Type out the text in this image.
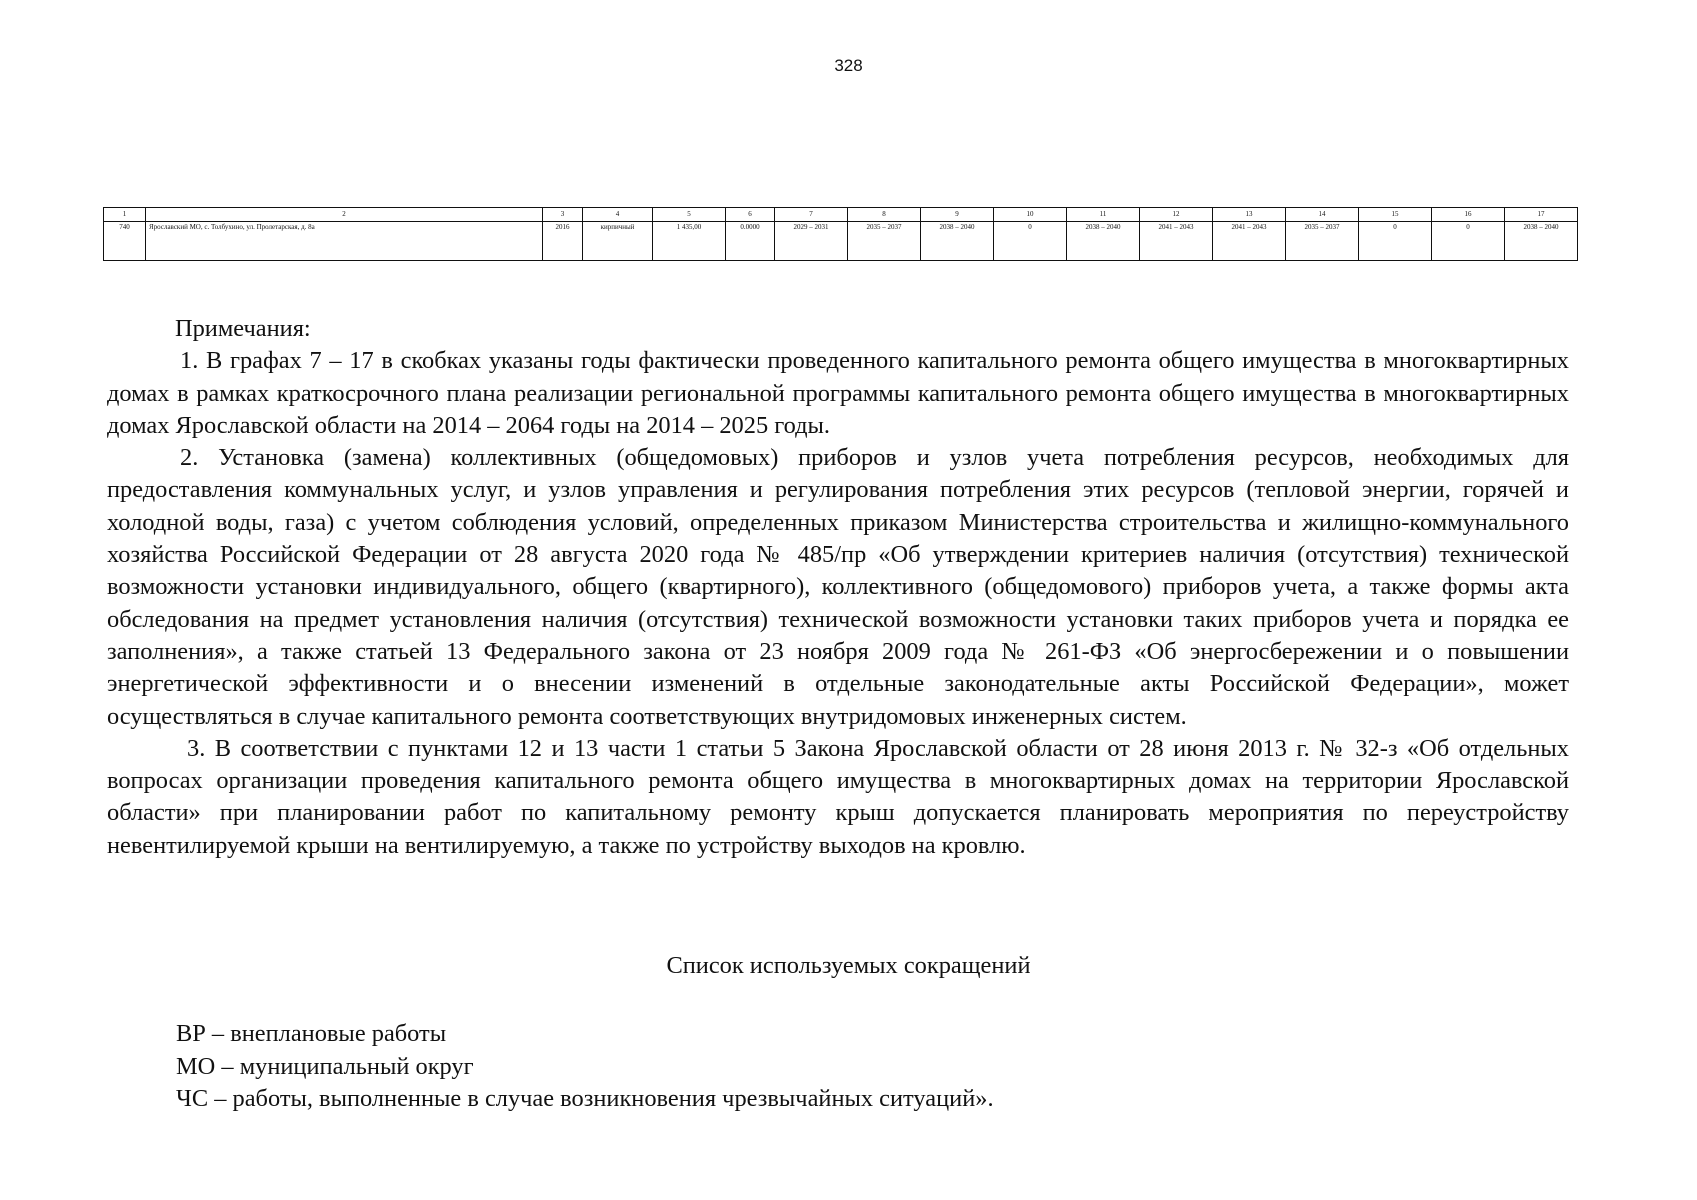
328
1	2	3	4	5	6	7	8	9	10	11	12	13	14	15	16	17
740	Ярославский МО, с. Толбухино, ул. Пролетарская, д. 8а	2016	кирпичный	1 435,00	0.0000	2029 – 2031	2035 – 2037	2038 – 2040	0	2038 – 2040	2041 – 2043	2041 – 2043	2035 – 2037	0	0	2038 – 2040

Примечания:

1. В графах 7 – 17 в скобках указаны годы фактически проведенного капитального ремонта общего имущества в многоквартирных домах в рамках краткосрочного плана реализации региональной программы капитального ремонта общего имущества в многоквартирных домах Ярославской области на 2014 – 2064 годы на 2014 – 2025 годы.

2. Установка (замена) коллективных (общедомовых) приборов и узлов учета потребления ресурсов, необходимых для предоставления коммунальных услуг, и узлов управления и регулирования потребления этих ресурсов (тепловой энергии, горячей и холодной воды, газа) с учетом соблюдения условий, определенных приказом Министерства строительства и жилищно-коммунального хозяйства Российской Федерации от 28 августа 2020 года № 485/пр «Об утверждении критериев наличия (отсутствия) технической возможности установки индивидуального, общего (квартирного), коллективного (общедомового) приборов учета, а также формы акта обследования на предмет установления наличия (отсутствия) технической возможности установки таких приборов учета и порядка ее заполнения», а также статьей 13 Федерального закона от 23 ноября 2009 года № 261-ФЗ «Об энергосбережении и о повышении энергетической эффективности и о внесении изменений в отдельные законодательные акты Российской Федерации», может осуществляться в случае капитального ремонта соответствующих внутридомовых инженерных систем.

3. В соответствии с пунктами 12 и 13 части 1 статьи 5 Закона Ярославской области от 28 июня 2013 г. № 32-з «Об отдельных вопросах организации проведения капитального ремонта общего имущества в многоквартирных домах на территории Ярославской области» при планировании работ по капитальному ремонту крыш допускается планировать мероприятия по переустройству невентилируемой крыши на вентилируемую, а также по устройству выходов на кровлю.

Список используемых сокращений
ВР – внеплановые работы
МО – муниципальный округ
ЧС – работы, выполненные в случае возникновения чрезвычайных ситуаций».
